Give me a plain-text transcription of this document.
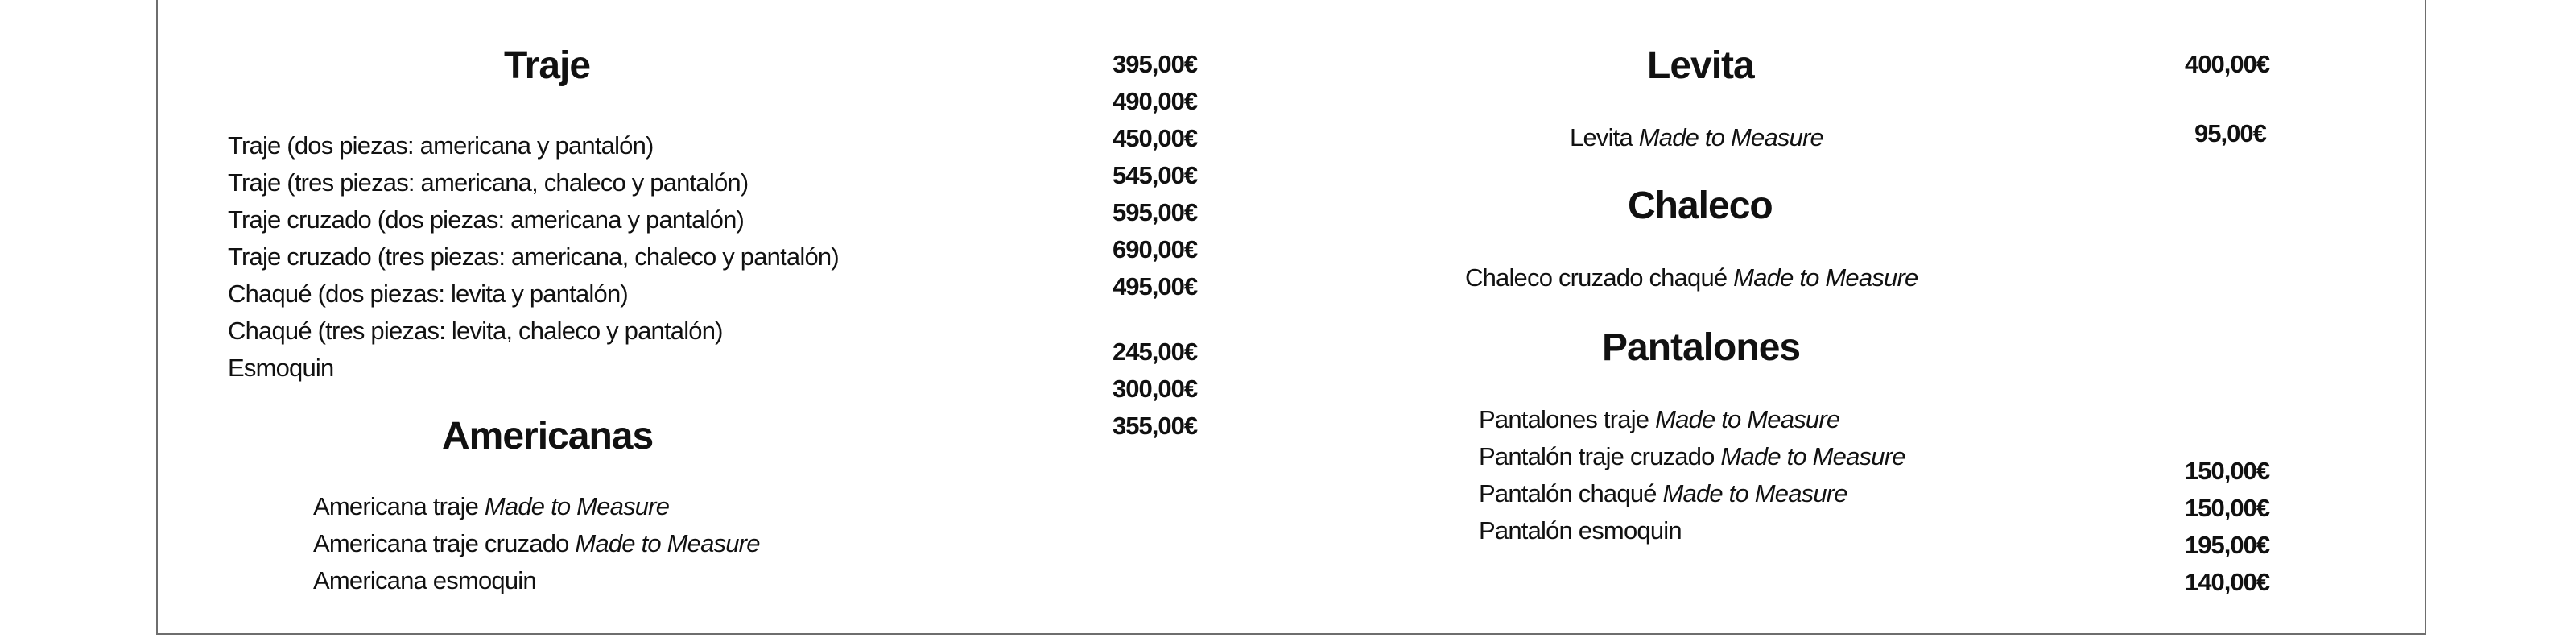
Traje
Traje (dos piezas: americana y pantalón)
Traje (tres piezas: americana, chaleco y pantalón)
Traje cruzado (dos piezas: americana y pantalón)
Traje cruzado (tres piezas: americana, chaleco y pantalón)
Chaqué (dos piezas: levita y pantalón)
Chaqué (tres piezas: levita, chaleco y pantalón)
Esmoquin
395,00€
490,00€
450,00€
545,00€
595,00€
690,00€
495,00€
245,00€
300,00€
355,00€
Americanas
Americana traje Made to Measure
Americana traje cruzado Made to Measure
Americana esmoquin
Levita	400,00€
Levita Made to Measure	95,00€
Chaleco
Chaleco cruzado chaqué Made to Measure
Pantalones
Pantalones traje Made to Measure
Pantalón traje cruzado Made to Measure
Pantalón chaqué Made to Measure
Pantalón esmoquin
150,00€
150,00€
195,00€
140,00€
